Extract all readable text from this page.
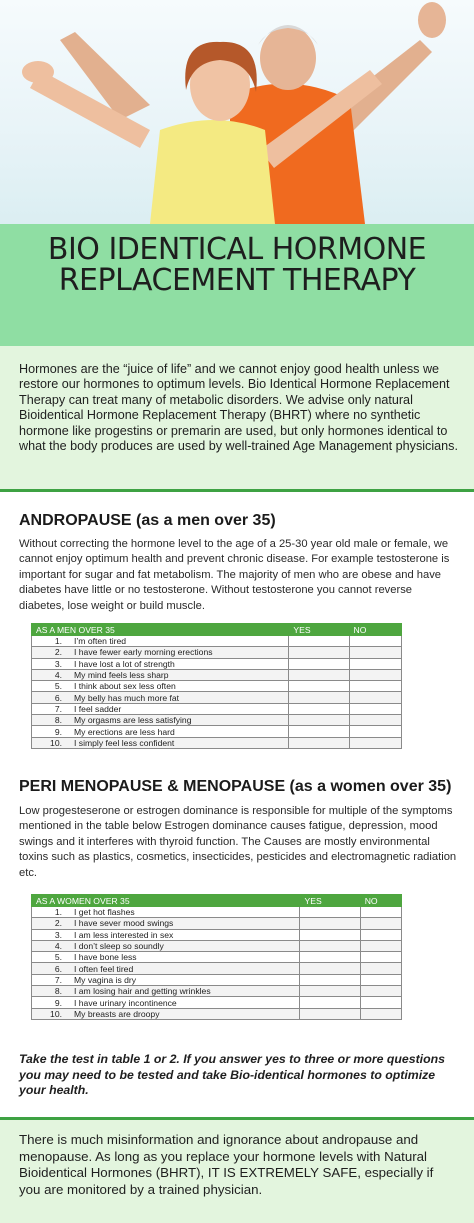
BIO IDENTICAL HORMONE REPLACEMENT THERAPY

Hormones are the “juice of life” and we cannot enjoy good health unless we restore our hormones to optimum levels. Bio Identical Hormone Replacement Therapy can treat many of metabolic disorders. We advise only natural Bioidentical Hormone Replacement Therapy (BHRT) where no synthetic hormone like progestins or premarin are used, but only hormones identical to what the body produces are used by well-trained Age Management physicians.

ANDROPAUSE (as a men over 35)

Without correcting the hormone level to the age of a 25-30 year old male or female, we cannot enjoy optimum health and prevent chronic disease. For example testosterone is important for sugar and fat metabolism. The majority of men who are obese and have diabetes have little or no testosterone. Without testosterone you cannot reverse diabetes, lose weight or build muscle.

AS A MEN OVER 35	YES	NO
1. I’m often tired		
2. I have fewer early morning erections		
3. I have lost a lot of strength		
4. My mind feels less sharp		
5. I think about sex less often		
6. My belly has much more fat		
7. I feel sadder		
8. My orgasms are less satisfying		
9. My erections are less hard		
10. I simply feel less confident		
PERI MENOPAUSE & MENOPAUSE (as a women over 35)

Low progesteserone or estrogen dominance is responsible for multiple of the symptoms mentioned in the table below Estrogen dominance causes fatigue, depression, mood swings and it interferes with thyroid function. The Causes are mostly environmental toxins such as plastics, cosmetics, insecticides, pesticides and electromagnetic radiation etc.

AS A WOMEN OVER 35	YES	NO
1. I get hot flashes		
2. I have sever mood swings		
3. I am less interested in sex		
4. I don’t sleep so soundly		
5. I have bone less		
6. I often feel tired		
7. My vagina is dry		
8. I am losing hair and getting wrinkles		
9. I have urinary incontinence		
10. My breasts are droopy		

Take the test in table 1 or 2. If you answer yes to three or more questions you may need to be tested and take Bio-identical hormones to optimize your health.

There is much misinformation and ignorance about andropause and menopause. As long as you replace your hormone levels with Natural Bioidentical Hormones (BHRT), IT IS EXTREMELY SAFE, especially if you are monitored by a trained physician.
